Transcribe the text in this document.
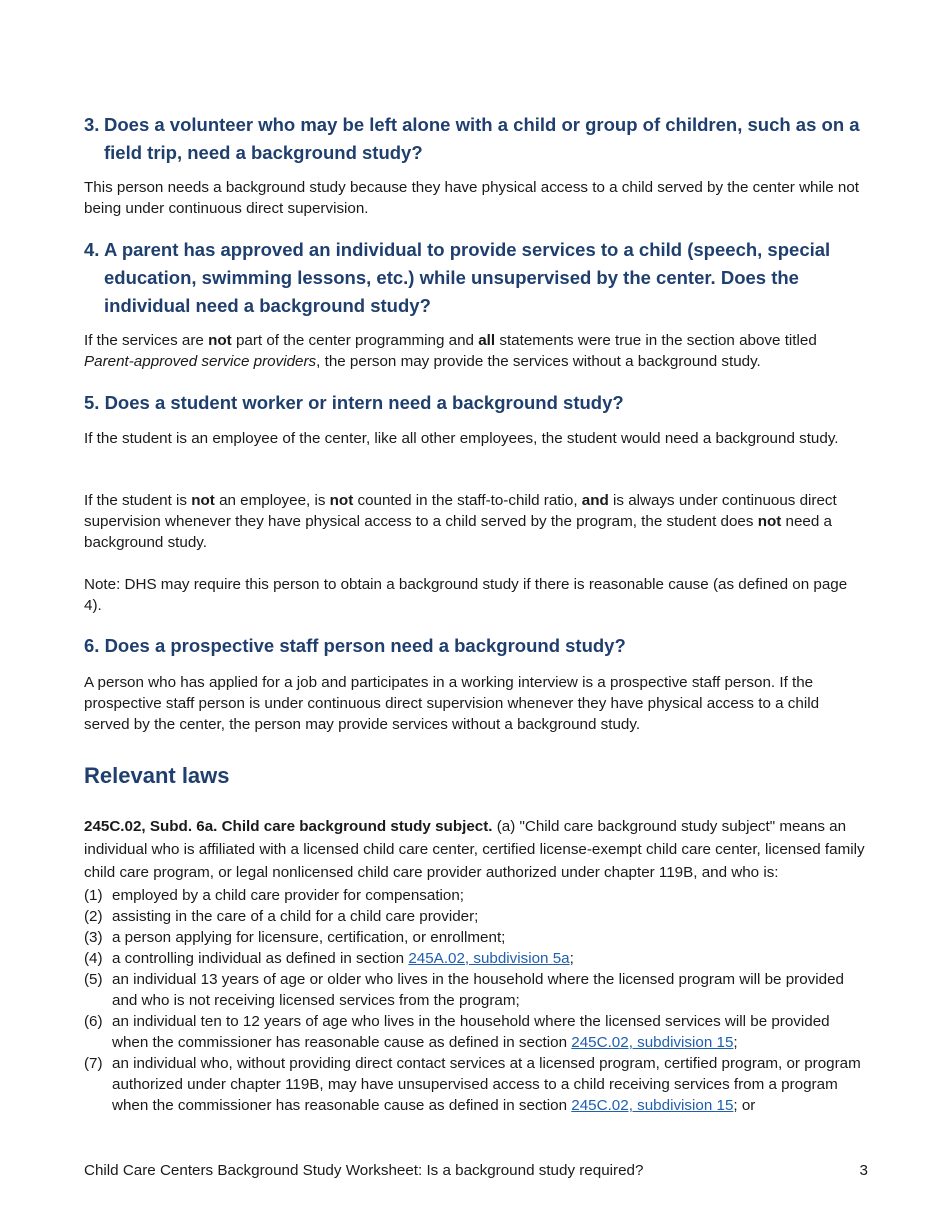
3. Does a volunteer who may be left alone with a child or group of children, such as on a field trip, need a background study?

This person needs a background study because they have physical access to a child served by the center while not being under continuous direct supervision.

4. A parent has approved an individual to provide services to a child (speech, special education, swimming lessons, etc.) while unsupervised by the center. Does the individual need a background study?

If the services are not part of the center programming and all statements were true in the section above titled Parent-approved service providers, the person may provide the services without a background study.

5. Does a student worker or intern need a background study?

If the student is an employee of the center, like all other employees, the student would need a background study.

If the student is not an employee, is not counted in the staff-to-child ratio, and is always under continuous direct supervision whenever they have physical access to a child served by the program, the student does not need a background study.

Note: DHS may require this person to obtain a background study if there is reasonable cause (as defined on page 4).

6. Does a prospective staff person need a background study?

A person who has applied for a job and participates in a working interview is a prospective staff person. If the prospective staff person is under continuous direct supervision whenever they have physical access to a child served by the center, the person may provide services without a background study.

Relevant laws

245C.02, Subd. 6a. Child care background study subject. (a) "Child care background study subject" means an individual who is affiliated with a licensed child care center, certified license-exempt child care center, licensed family child care program, or legal nonlicensed child care provider authorized under chapter 119B, and who is:

(1) employed by a child care provider for compensation;
(2) assisting in the care of a child for a child care provider;
(3) a person applying for licensure, certification, or enrollment;
(4) a controlling individual as defined in section 245A.02, subdivision 5a;
(5) an individual 13 years of age or older who lives in the household where the licensed program will be provided and who is not receiving licensed services from the program;
(6) an individual ten to 12 years of age who lives in the household where the licensed services will be provided when the commissioner has reasonable cause as defined in section 245C.02, subdivision 15;
(7) an individual who, without providing direct contact services at a licensed program, certified program, or program authorized under chapter 119B, may have unsupervised access to a child receiving services from a program when the commissioner has reasonable cause as defined in section 245C.02, subdivision 15; or
Child Care Centers Background Study Worksheet: Is a background study required?	3
